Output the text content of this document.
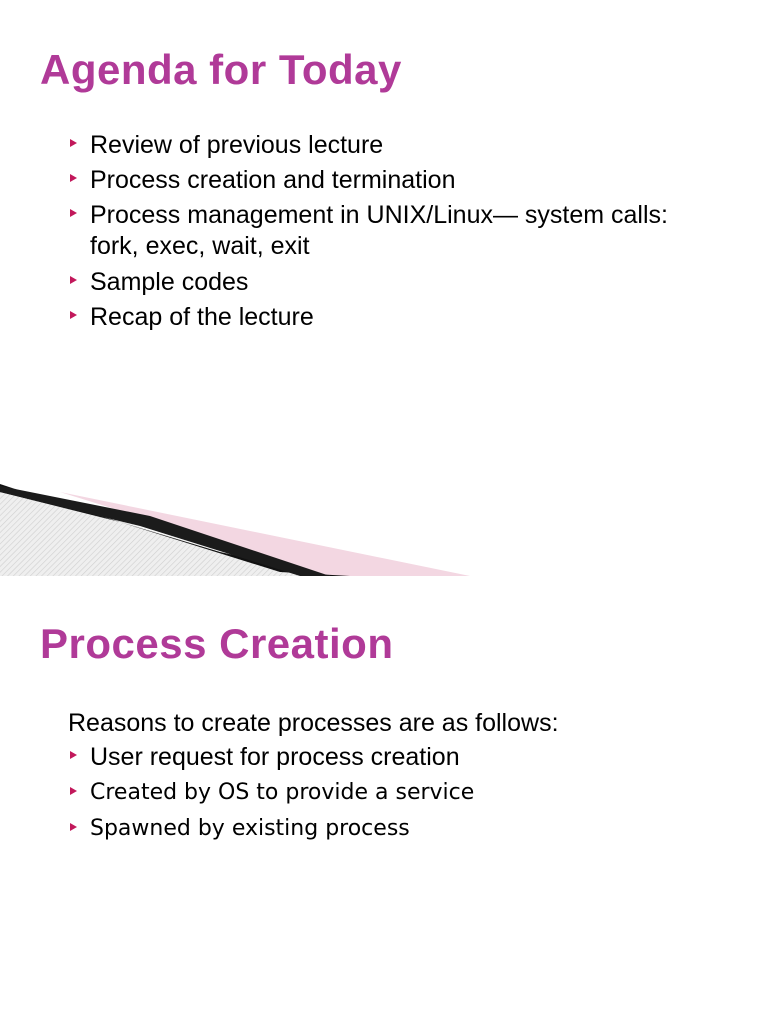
Agenda for Today
Review of previous lecture
Process creation and termination
Process management in UNIX/Linux— system calls: fork, exec, wait, exit
Sample codes
Recap of the lecture
Process Creation
Reasons to create processes are as follows:
User request for process creation
Created by OS to provide a service
Spawned by existing process
